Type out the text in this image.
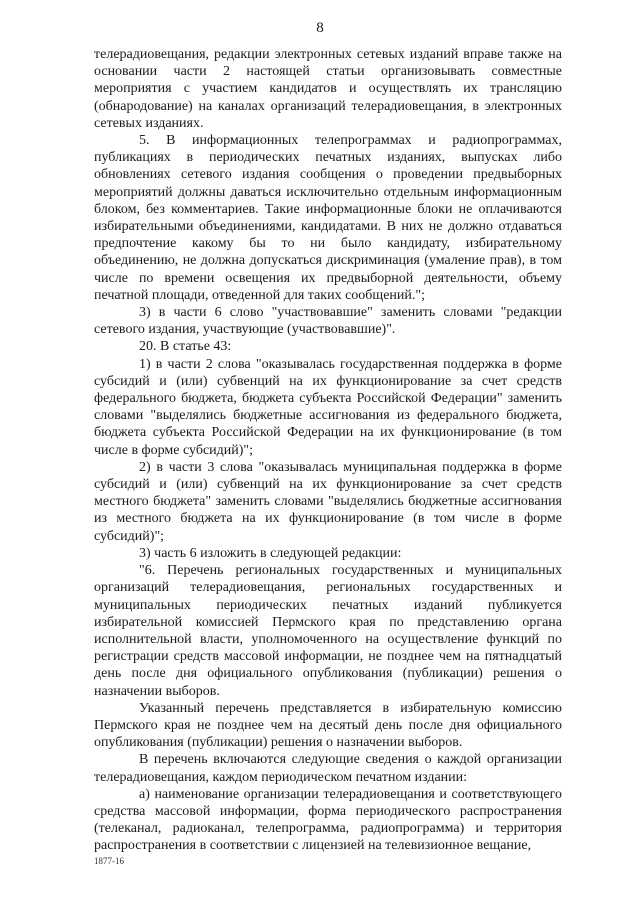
8

телерадиовещания, редакции электронных сетевых изданий вправе также на основании части 2 настоящей статьи организовывать совместные мероприятия с участием кандидатов и осуществлять их трансляцию (обнародование) на каналах организаций телерадиовещания, в электронных сетевых изданиях.

5. В информационных телепрограммах и радиопрограммах, публикациях в периодических печатных изданиях, выпусках либо обновлениях сетевого издания сообщения о проведении предвыборных мероприятий должны даваться исключительно отдельным информационным блоком, без комментариев. Такие информационные блоки не оплачиваются избирательными объединениями, кандидатами. В них не должно отдаваться предпочтение какому бы то ни было кандидату, избирательному объединению, не должна допускаться дискриминация (умаление прав), в том числе по времени освещения их предвыборной деятельности, объему печатной площади, отведенной для таких сообщений.";

3) в части 6 слово "участвовавшие" заменить словами "редакции сетевого издания, участвующие (участвовавшие)".

20. В статье 43:

1) в части 2 слова "оказывалась государственная поддержка в форме субсидий и (или) субвенций на их функционирование за счет средств федерального бюджета, бюджета субъекта Российской Федерации" заменить словами "выделялись бюджетные ассигнования из федерального бюджета, бюджета субъекта Российской Федерации на их функционирование (в том числе в форме субсидий)";

2) в части 3 слова "оказывалась муниципальная поддержка в форме субсидий и (или) субвенций на их функционирование за счет средств местного бюджета" заменить словами "выделялись бюджетные ассигнования из местного бюджета на их функционирование (в том числе в форме субсидий)";

3) часть 6 изложить в следующей редакции:

"6. Перечень региональных государственных и муниципальных организаций телерадиовещания, региональных государственных и муниципальных периодических печатных изданий публикуется избирательной комиссией Пермского края по представлению органа исполнительной власти, уполномоченного на осуществление функций по регистрации средств массовой информации, не позднее чем на пятнадцатый день после дня официального опубликования (публикации) решения о назначении выборов.

Указанный перечень представляется в избирательную комиссию Пермского края не позднее чем на десятый день после дня официального опубликования (публикации) решения о назначении выборов.

В перечень включаются следующие сведения о каждой организации телерадиовещания, каждом периодическом печатном издании:

а) наименование организации телерадиовещания и соответствующего средства массовой информации, форма периодического распространения (телеканал, радиоканал, телепрограмма, радиопрограмма) и территория распространения в соответствии с лицензией на телевизионное вещание,

1877-16
